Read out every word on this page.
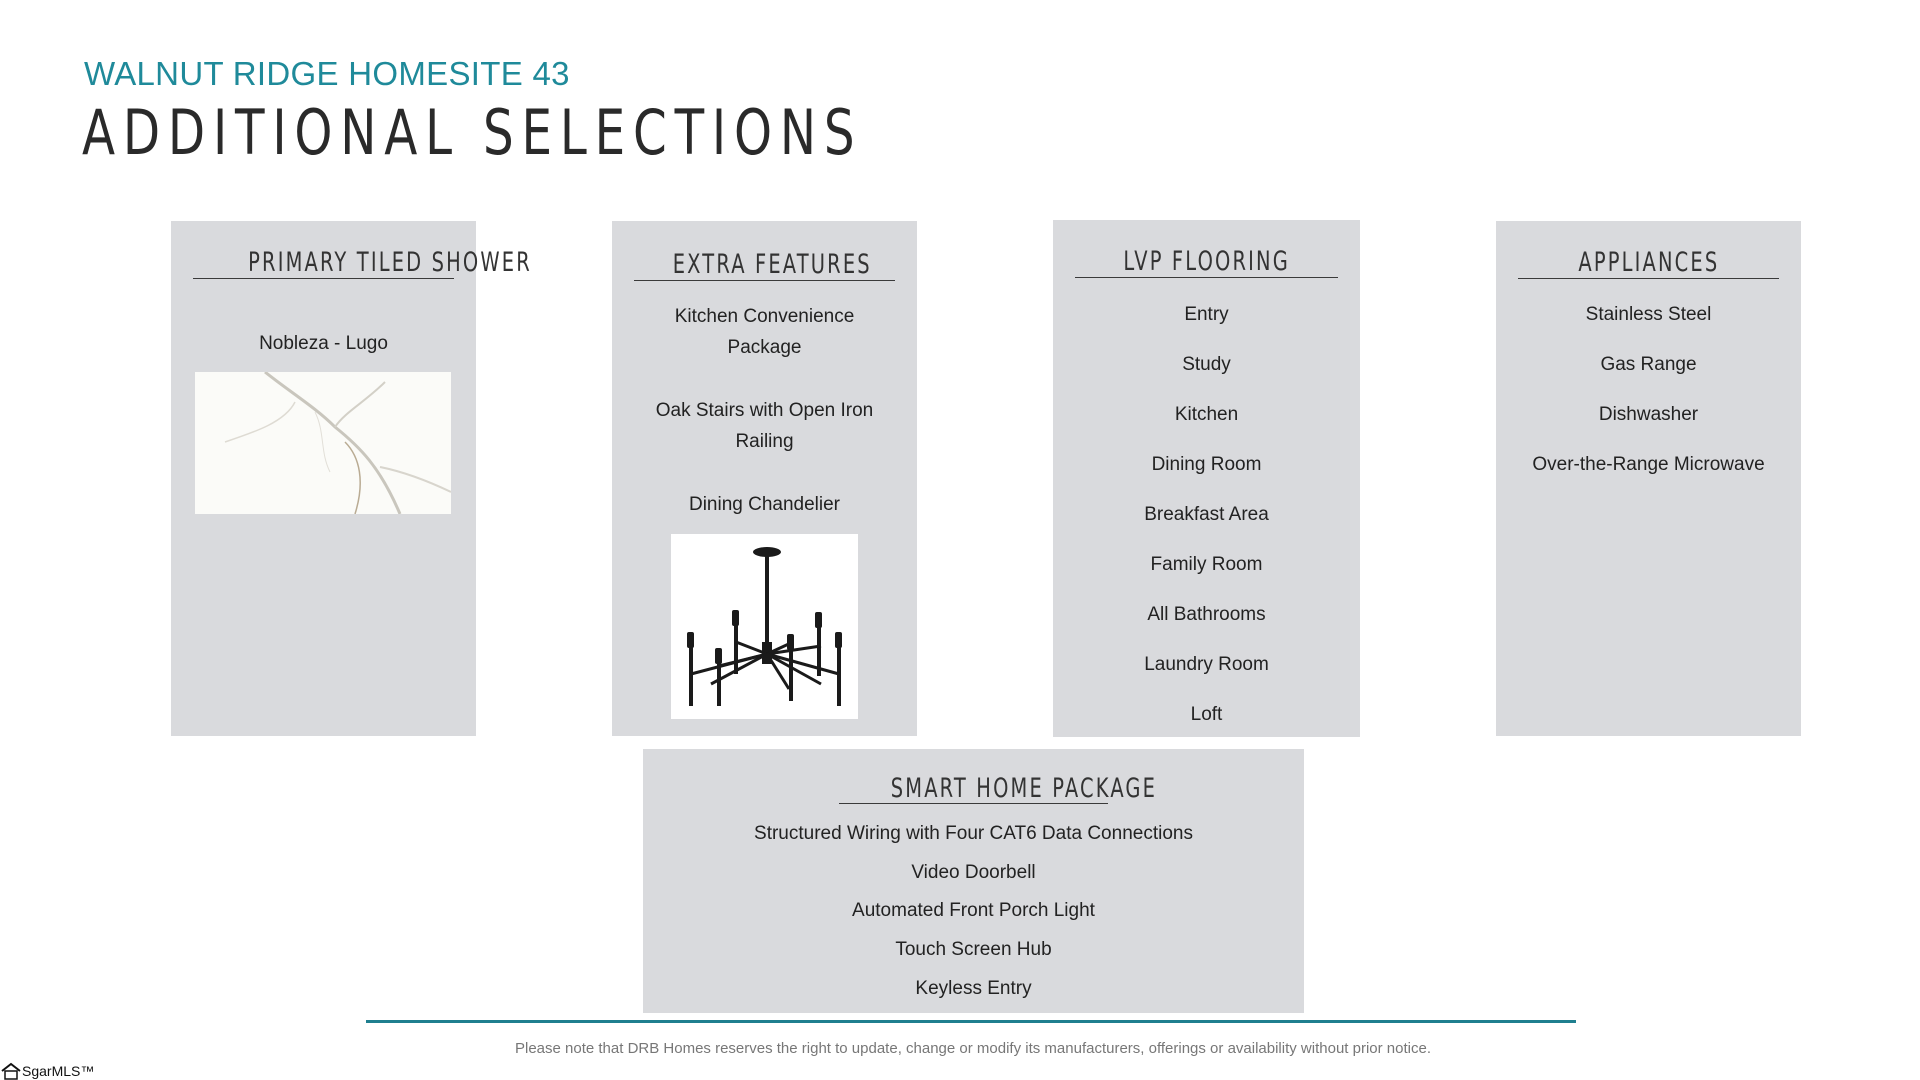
WALNUT RIDGE HOMESITE 43
ADDITIONAL SELECTIONS
PRIMARY TILED SHOWER
Nobleza - Lugo
EXTRA FEATURES
Kitchen Convenience
Package
Oak Stairs with Open Iron
Railing
Dining Chandelier
LVP FLOORING
Entry
Study
Kitchen
Dining Room
Breakfast Area
Family Room
All Bathrooms
Laundry Room
Loft
APPLIANCES
Stainless Steel
Gas Range
Dishwasher
Over-the-Range Microwave
SMART HOME PACKAGE
Structured Wiring with Four CAT6 Data Connections
Video Doorbell
Automated Front Porch Light
Touch Screen Hub
Keyless Entry
Please note that DRB Homes reserves the right to update, change or modify its manufacturers, offerings or availability without prior notice.
SgarMLS™
